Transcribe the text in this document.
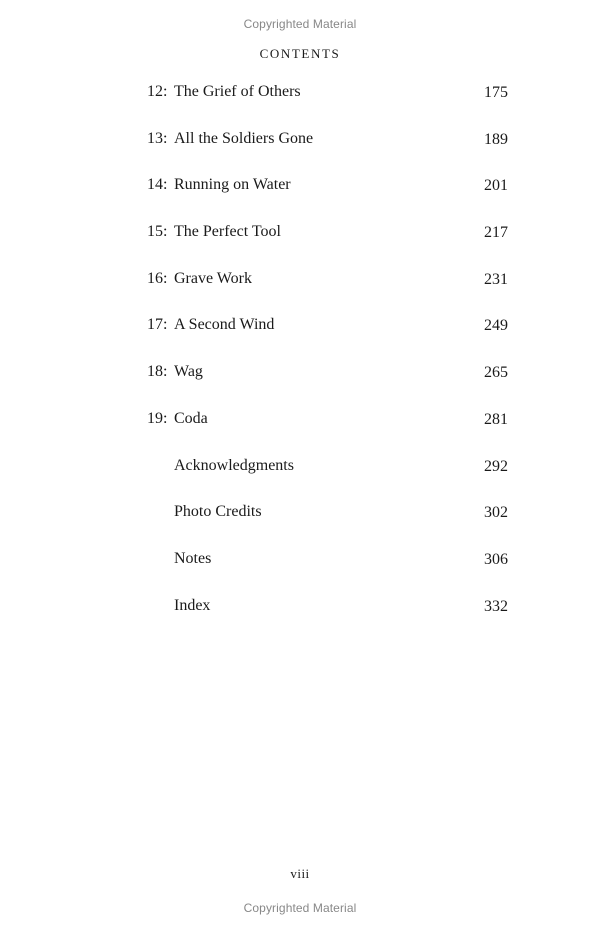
Copyrighted Material
CONTENTS
12: The Grief of Others	175
13: All the Soldiers Gone	189
14: Running on Water	201
15: The Perfect Tool	217
16: Grave Work	231
17: A Second Wind	249
18: Wag	265
19: Coda	281
Acknowledgments	292
Photo Credits	302
Notes	306
Index	332
viii
Copyrighted Material
